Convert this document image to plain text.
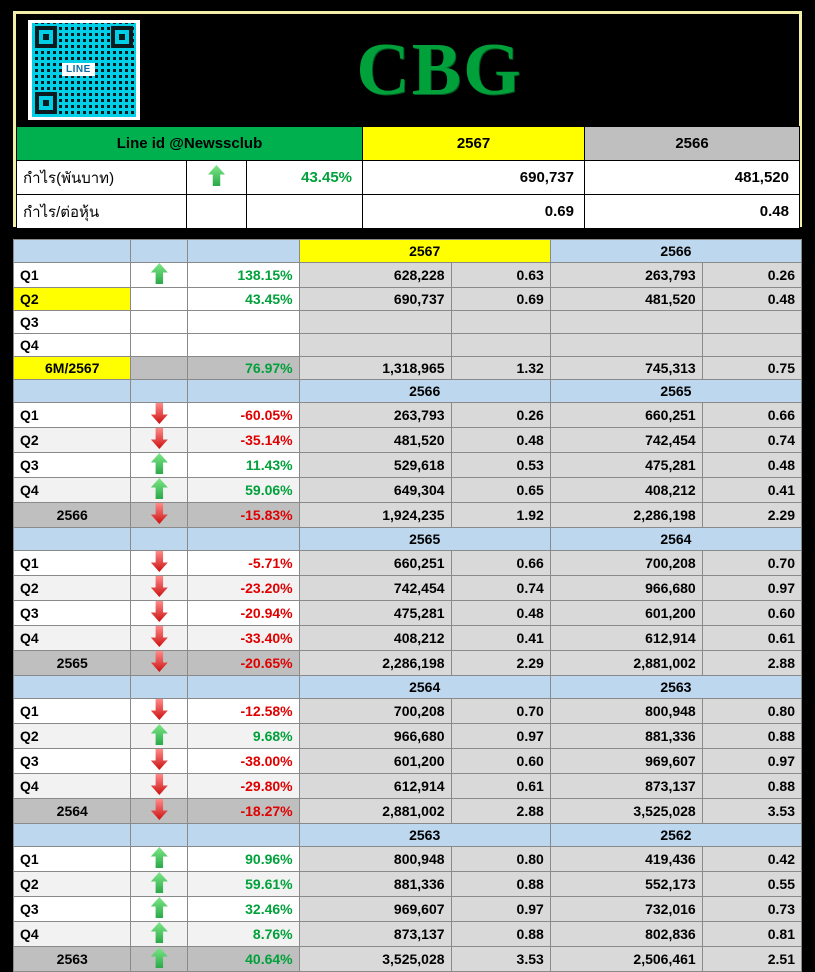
LINE	CBG
Line id @Newssclub			2567	2566
กำไร(พันบาท)		43.45%	690,737	481,520
กำไร/ต่อหุ้น			0.69	0.48
			2567		2566	
Q1		138.15%	628,228	0.63	263,793	0.26
Q2		43.45%	690,737	0.69	481,520	0.48
Q3						
Q4						
6M/2567		76.97%	1,318,965	1.32	745,313	0.75
			2566		2565	
Q1		-60.05%	263,793	0.26	660,251	0.66
Q2		-35.14%	481,520	0.48	742,454	0.74
Q3		11.43%	529,618	0.53	475,281	0.48
Q4		59.06%	649,304	0.65	408,212	0.41
2566		-15.83%	1,924,235	1.92	2,286,198	2.29
			2565		2564	
Q1		-5.71%	660,251	0.66	700,208	0.70
Q2		-23.20%	742,454	0.74	966,680	0.97
Q3		-20.94%	475,281	0.48	601,200	0.60
Q4		-33.40%	408,212	0.41	612,914	0.61
2565		-20.65%	2,286,198	2.29	2,881,002	2.88
			2564		2563	
Q1		-12.58%	700,208	0.70	800,948	0.80
Q2		9.68%	966,680	0.97	881,336	0.88
Q3		-38.00%	601,200	0.60	969,607	0.97
Q4		-29.80%	612,914	0.61	873,137	0.88
2564		-18.27%	2,881,002	2.88	3,525,028	3.53
			2563		2562	
Q1		90.96%	800,948	0.80	419,436	0.42
Q2		59.61%	881,336	0.88	552,173	0.55
Q3		32.46%	969,607	0.97	732,016	0.73
Q4		8.76%	873,137	0.88	802,836	0.81
2563		40.64%	3,525,028	3.53	2,506,461	2.51
